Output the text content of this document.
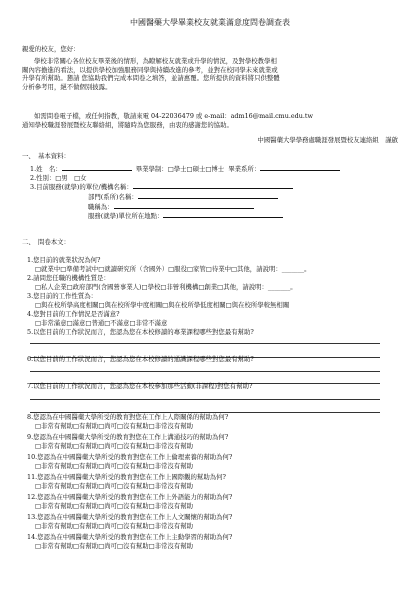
中國醫藥大學畢業校友就業滿意度問卷調查表

親愛的校友，您好：

學校非常關心各位校友畢業後的情形，為瞭解校友就業或升學的情況，及對學校教學相

關內容擔進的看法，以提供學校加強服務同學與持續改進的參考，並對在校同學未來就業或

升學有所幫助。懇請 您協助我們完成本問卷之填答，並請惠覆。您所提供的資料將只供整體

分析參考用，絕不做個別披露。

如需問卷電子檔，或任何指教，敬請來電 04-22036479 或 e-mail：adm16@mail.cmu.edu.tw

通知學校職涯發展暨校友聯絡組，將隨時為您服務，由衷的感謝您的協助。

中國醫藥大學學務處職涯發展暨校友連絡組　謹啟

一、　基本資料：

1.姓　名：	畢業學制：□學士□碩士□博士 畢業系所：

2.性別：□男　□女

3.目前服務(就學)的單位/機構名稱：

部門(系所)名稱：

職稱為：

服務(就學)單位所在地點：

二、　問卷本文：

1.您目前的就業狀況為何?

□就業中□準備考試中□就讀研究所（含國外）□服役□家管□待業中□其他，請說明：_______。

2.請問您任職的機構性質是：

□私人企業□政府部門(含國營事業人)□學校□非營利機構□創業□其他，請說明：_______。

3.您目前的工作性質為：

□與在校所學高度相關□與在校所學中度相關□與在校所學低度相關□與在校所學較無相關

4.您對目前的工作情況是否滿意?

□非常滿意□滿意□普通□不滿意□非常不滿意

5.以您目前的工作狀況而言，您認為您在本校修讀的專業課程哪些對您最有幫助?

6.以您目前的工作狀況而言，您認為您在本校修讀的通識課程哪些對您最有幫助?

7.以您目前的工作狀況而言，您認為您在本校參加那些活動(非課程)對您有幫助?

8.您認為在中國醫藥大學所受的教育對您在工作上人際關係的幫助為何?

□非常有幫助□有幫助□尚可□沒有幫助□非常沒有幫助

9.您認為在中國醫藥大學所受的教育對您在工作上溝通技巧的幫助為何?

□非常有幫助□有幫助□尚可□沒有幫助□非常沒有幫助

10.您認為在中國醫藥大學所受的教育對您在工作上倫理素養的幫助為何?

□非常有幫助□有幫助□尚可□沒有幫助□非常沒有幫助

11.您認為在中國醫藥大學所受的教育對您在工作上國際觀的幫助為何?

□非常有幫助□有幫助□尚可□沒有幫助□非常沒有幫助

12.您認為在中國醫藥大學所受的教育對您在工作上外語能力的幫助為何?

□非常有幫助□有幫助□尚可□沒有幫助□非常沒有幫助

13.您認為在中國醫藥大學所受的教育對您在工作上人文關懷的幫助為何?

□非常有幫助□有幫助□尚可□沒有幫助□非常沒有幫助

14.您認為在中國醫藥大學所受的教育對您在工作上主動學習的幫助為何?

□非常有幫助□有幫助□尚可□沒有幫助□非常沒有幫助
